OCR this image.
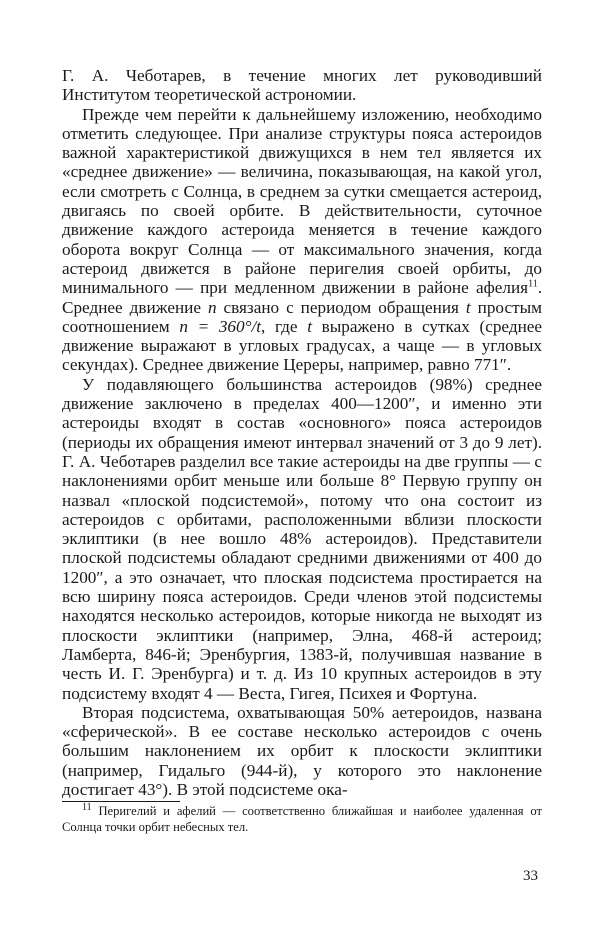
Г. А. Чеботарев, в течение многих лет руководивший Институтом теоретической астрономии.

Прежде чем перейти к дальнейшему изложению, необходимо отметить следующее. При анализе структуры пояса астероидов важной характеристикой движущихся в нем тел является их «среднее движение» — величина, показывающая, на какой угол, если смотреть с Солнца, в среднем за сутки смещается астероид, двигаясь по своей орбите. В действительности, суточное движение каждого астероида меняется в течение каждого оборота вокруг Солнца — от максимального значения, когда астероид движется в районе перигелия своей орбиты, до минимального — при медленном движении в районе афелия$^{11}$. Среднее движение n связано с периодом обращения t простым соотношением n = 360°/t, где t выражено в сутках (среднее движение выражают в угловых градусах, а чаще — в угловых секундах). Среднее движение Цереры, например, равно 771″.

У подавляющего большинства астероидов (98%) среднее движение заключено в пределах 400—1200″, и именно эти астероиды входят в состав «основного» пояса астероидов (периоды их обращения имеют интервал значений от 3 до 9 лет). Г. А. Чеботарев разделил все такие астероиды на две группы — с наклонениями орбит меньше или больше 8° Первую группу он назвал «плоской подсистемой», потому что она состоит из астероидов с орбитами, расположенными вблизи плоскости эклиптики (в нее вошло 48% астероидов). Представители плоской подсистемы обладают средними движениями от 400 до 1200″, а это означает, что плоская подсистема простирается на всю ширину пояса астероидов. Среди членов этой подсистемы находятся несколько астероидов, которые никогда не выходят из плоскости эклиптики (например, Элна, 468-й астероид; Ламберта, 846-й; Эренбургия, 1383-й, получившая название в честь И. Г. Эренбурга) и т. д. Из 10 крупных астероидов в эту подсистему входят 4 — Веста, Гигея, Психея и Фортуна.

Вторая подсистема, охватывающая 50% аетероидов, названа «сферической». В ее составе несколько астероидов с очень большим наклонением их орбит к плоскости эклиптики (например, Гидальго (944-й), у которого это наклонение достигает 43°). В этой подсистеме ока-

$^{11}$ Перигелий и афелий — соответственно ближайшая и наиболее удаленная от Солнца точки орбит небесных тел.

33
